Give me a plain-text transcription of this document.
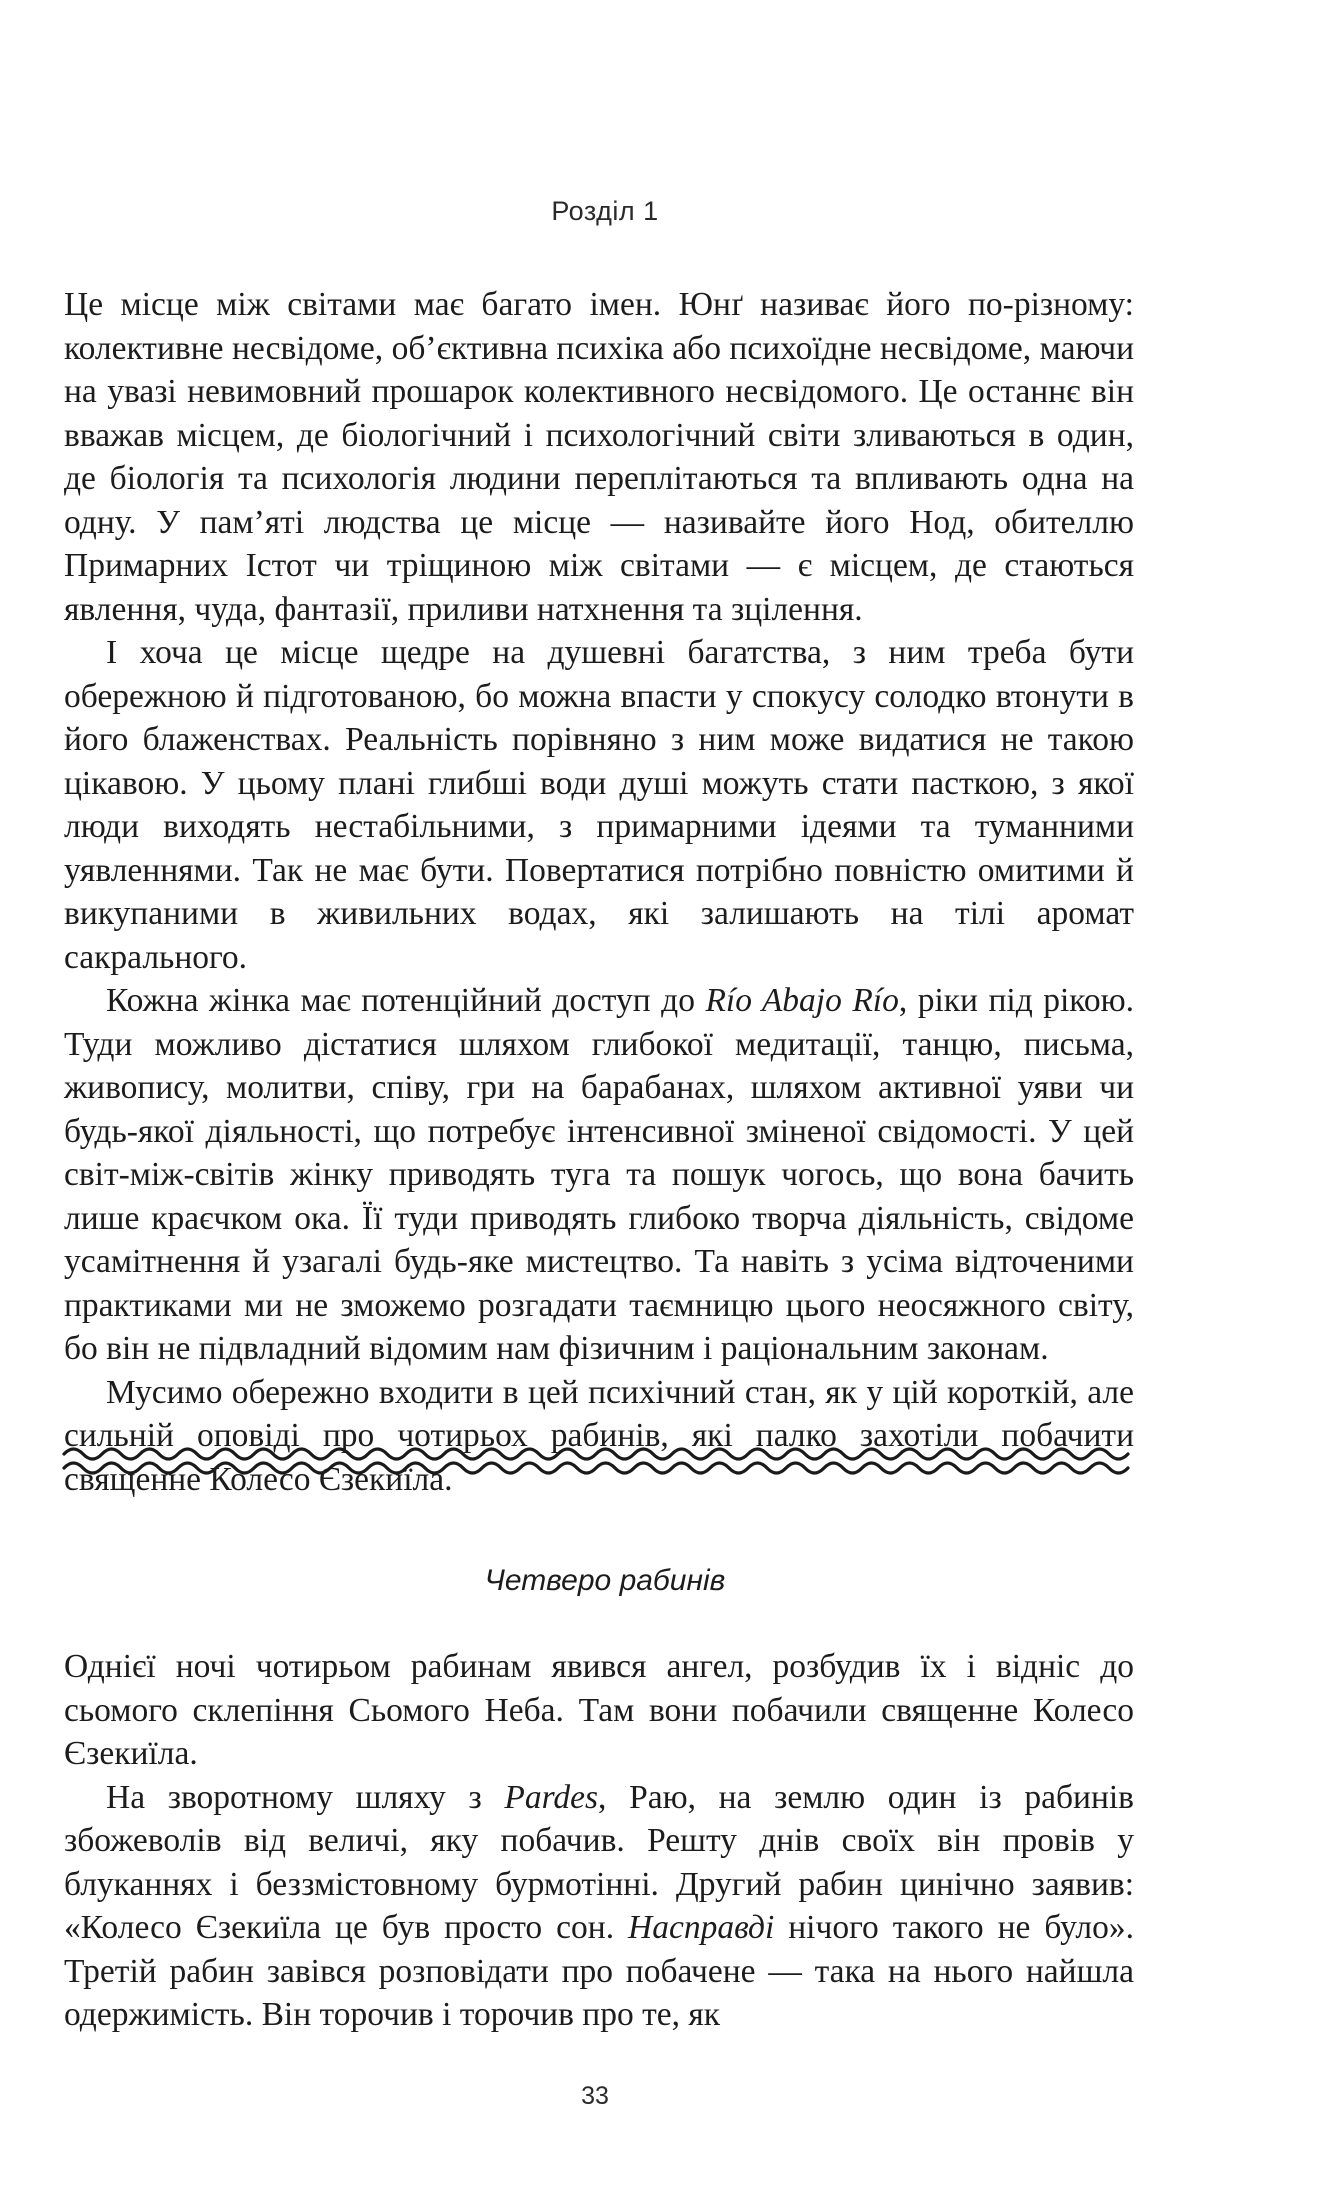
Розділ 1

Це місце між світами має багато імен. Юнґ називає його по-різному: колективне несвідоме, об’єктивна психіка або психоїдне несвідоме, маючи на увазі невимовний прошарок колективного несвідомого. Це останнє він вважав місцем, де біологічний і психологічний світи зливаються в один, де біологія та психологія людини переплітаються та впливають одна на одну. У пам’яті людства це місце — називайте його Нод, обителлю Примарних Істот чи тріщиною між світами — є місцем, де стаються явлення, чуда, фантазії, приливи натхнення та зцілення.

І хоча це місце щедре на душевні багатства, з ним треба бути обережною й підготованою, бо можна впасти у спокусу солодко втонути в його блаженствах. Реальність порівняно з ним може видатися не такою цікавою. У цьому плані глибші води душі можуть стати пасткою, з якої люди виходять нестабільними, з примарними ідеями та туманними уявленнями. Так не має бути. Повертатися потрібно повністю омитими й викупаними в живильних водах, які залишають на тілі аромат сакрального.

Кожна жінка має потенційний доступ до Río Abajo Río, ріки під рікою. Туди можливо дістатися шляхом глибокої медитації, танцю, письма, живопису, молитви, співу, гри на барабанах, шляхом активної уяви чи будь-якої діяльності, що потребує інтенсивної зміненої свідомості. У цей світ-між-світів жінку приводять туга та пошук чогось, що вона бачить лише краєчком ока. Її туди приводять глибоко творча діяльність, свідоме усамітнення й узагалі будь-яке мистецтво. Та навіть з усіма відточеними практиками ми не зможемо розгадати таємницю цього неосяжного світу, бо він не підвладний відомим нам фізичним і раціональним законам.

Мусимо обережно входити в цей психічний стан, як у цій короткій, але сильній оповіді про чотирьох рабинів, які палко захотіли побачити священне Колесо Єзекиїла.

Четверо рабинів

Однієї ночі чотирьом рабинам явився ангел, розбудив їх і відніс до сьомого склепіння Сьомого Неба. Там вони побачили священне Колесо Єзекиїла.

На зворотному шляху з Pardes, Раю, на землю один із рабинів збожеволів від величі, яку побачив. Решту днів своїх він провів у блуканнях і беззмістовному бурмотінні. Другий рабин цинічно заявив: «Колесо Єзекиїла це був просто сон. Насправді нічого такого не було». Третій рабин завівся розповідати про побачене — така на нього найшла одержимість. Він торочив і торочив про те, як

33
